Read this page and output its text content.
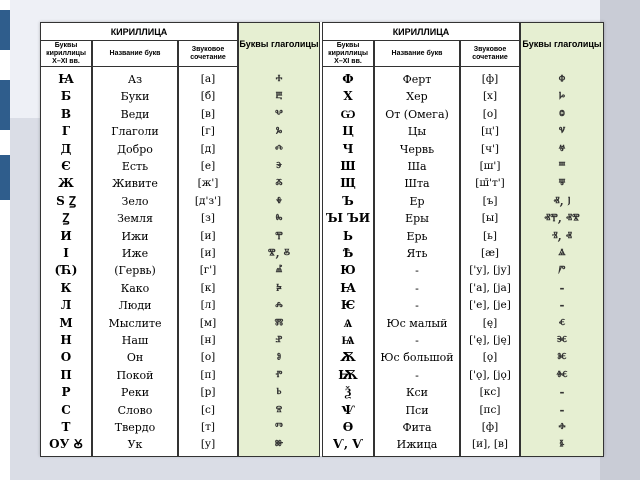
КИРИЛЛИЦА
Буквы глаголицы
Буквы кириллицы X–XI вв.
Название букв
Звуковое сочетание
Ꙗ
Б
В
Г
Д
Є
Ж
Ѕ Ꙁ
Ꙁ
И
І
(Ћ)
К
Л
М
Н
О
П
Р
С
Т
ОУ Ꙋ
Аз
Буки
Веди
Глаголи
Добро
Есть
Живите
Зело
Земля
Ижи
Иже
(Гервь)
Како
Люди
Мыслите
Наш
Он
Покой
Реки
Слово
Твердо
Ук
[а]
[б]
[в]
[г]
[д]
[е]
[ж']
[д'з']
[з]
[и]
[и]
[г']
[к]
[л]
[м]
[н]
[о]
[п]
[р]
[с]
[т]
[у]
ⰰ
ⰱ
ⰲ
ⰳ
ⰴ
ⰵ
ⰶ
ⰷ
ⰸ
ⰹ
ⰺ, ⰻ
ⰼ
ⰽ
ⰾ
ⰿ
ⱀ
ⱁ
ⱂ
ⱃ
ⱄ
ⱅ
ⱆ
КИРИЛЛИЦА
Буквы глаголицы
Буквы кириллицы X–XI вв.
Название букв
Звуковое сочетание
Ф
Х
Ѡ
Ц
Ч
Ш
Щ
Ъ
ЪІ ЪИ
Ь
Ѣ
Ю
Ꙗ
Ѥ
Ѧ
Ѩ
Ѫ
Ѭ
Ѯ
Ѱ
Ѳ
Ѵ, Ѵ
Ферт
Хер
От (Омега)
Цы
Червь
Ша
Шта
Ер
Еры
Ерь
Ять
-
-
-
Юс малый
-
Юс большой
-
Кси
Пси
Фита
Ижица
[ф]
[х]
[о]
[ц']
[ч']
[ш']
[ш̄'т']
[ъ]
[ы]
[ь]
[æ]
['у], [jу]
['а], [jа]
['е], [jе]
[ę]
['ę], [ję]
[ǫ]
['ǫ], [jǫ]
[кс]
[пс]
[ф]
[и], [в]
ⱇ
ⱈ
ⱉ
ⱌ
ⱍ
ⱎ
ⱋ
ⱏ, ⱜ
ⱏⰹ, ⱏⰺ
ⱐ, ⱏ
ⱑ
ⱓ
-
-
ⱔ
ⱗ
ⱘ
ⱙ
-
-
ⱚ
ⱛ
